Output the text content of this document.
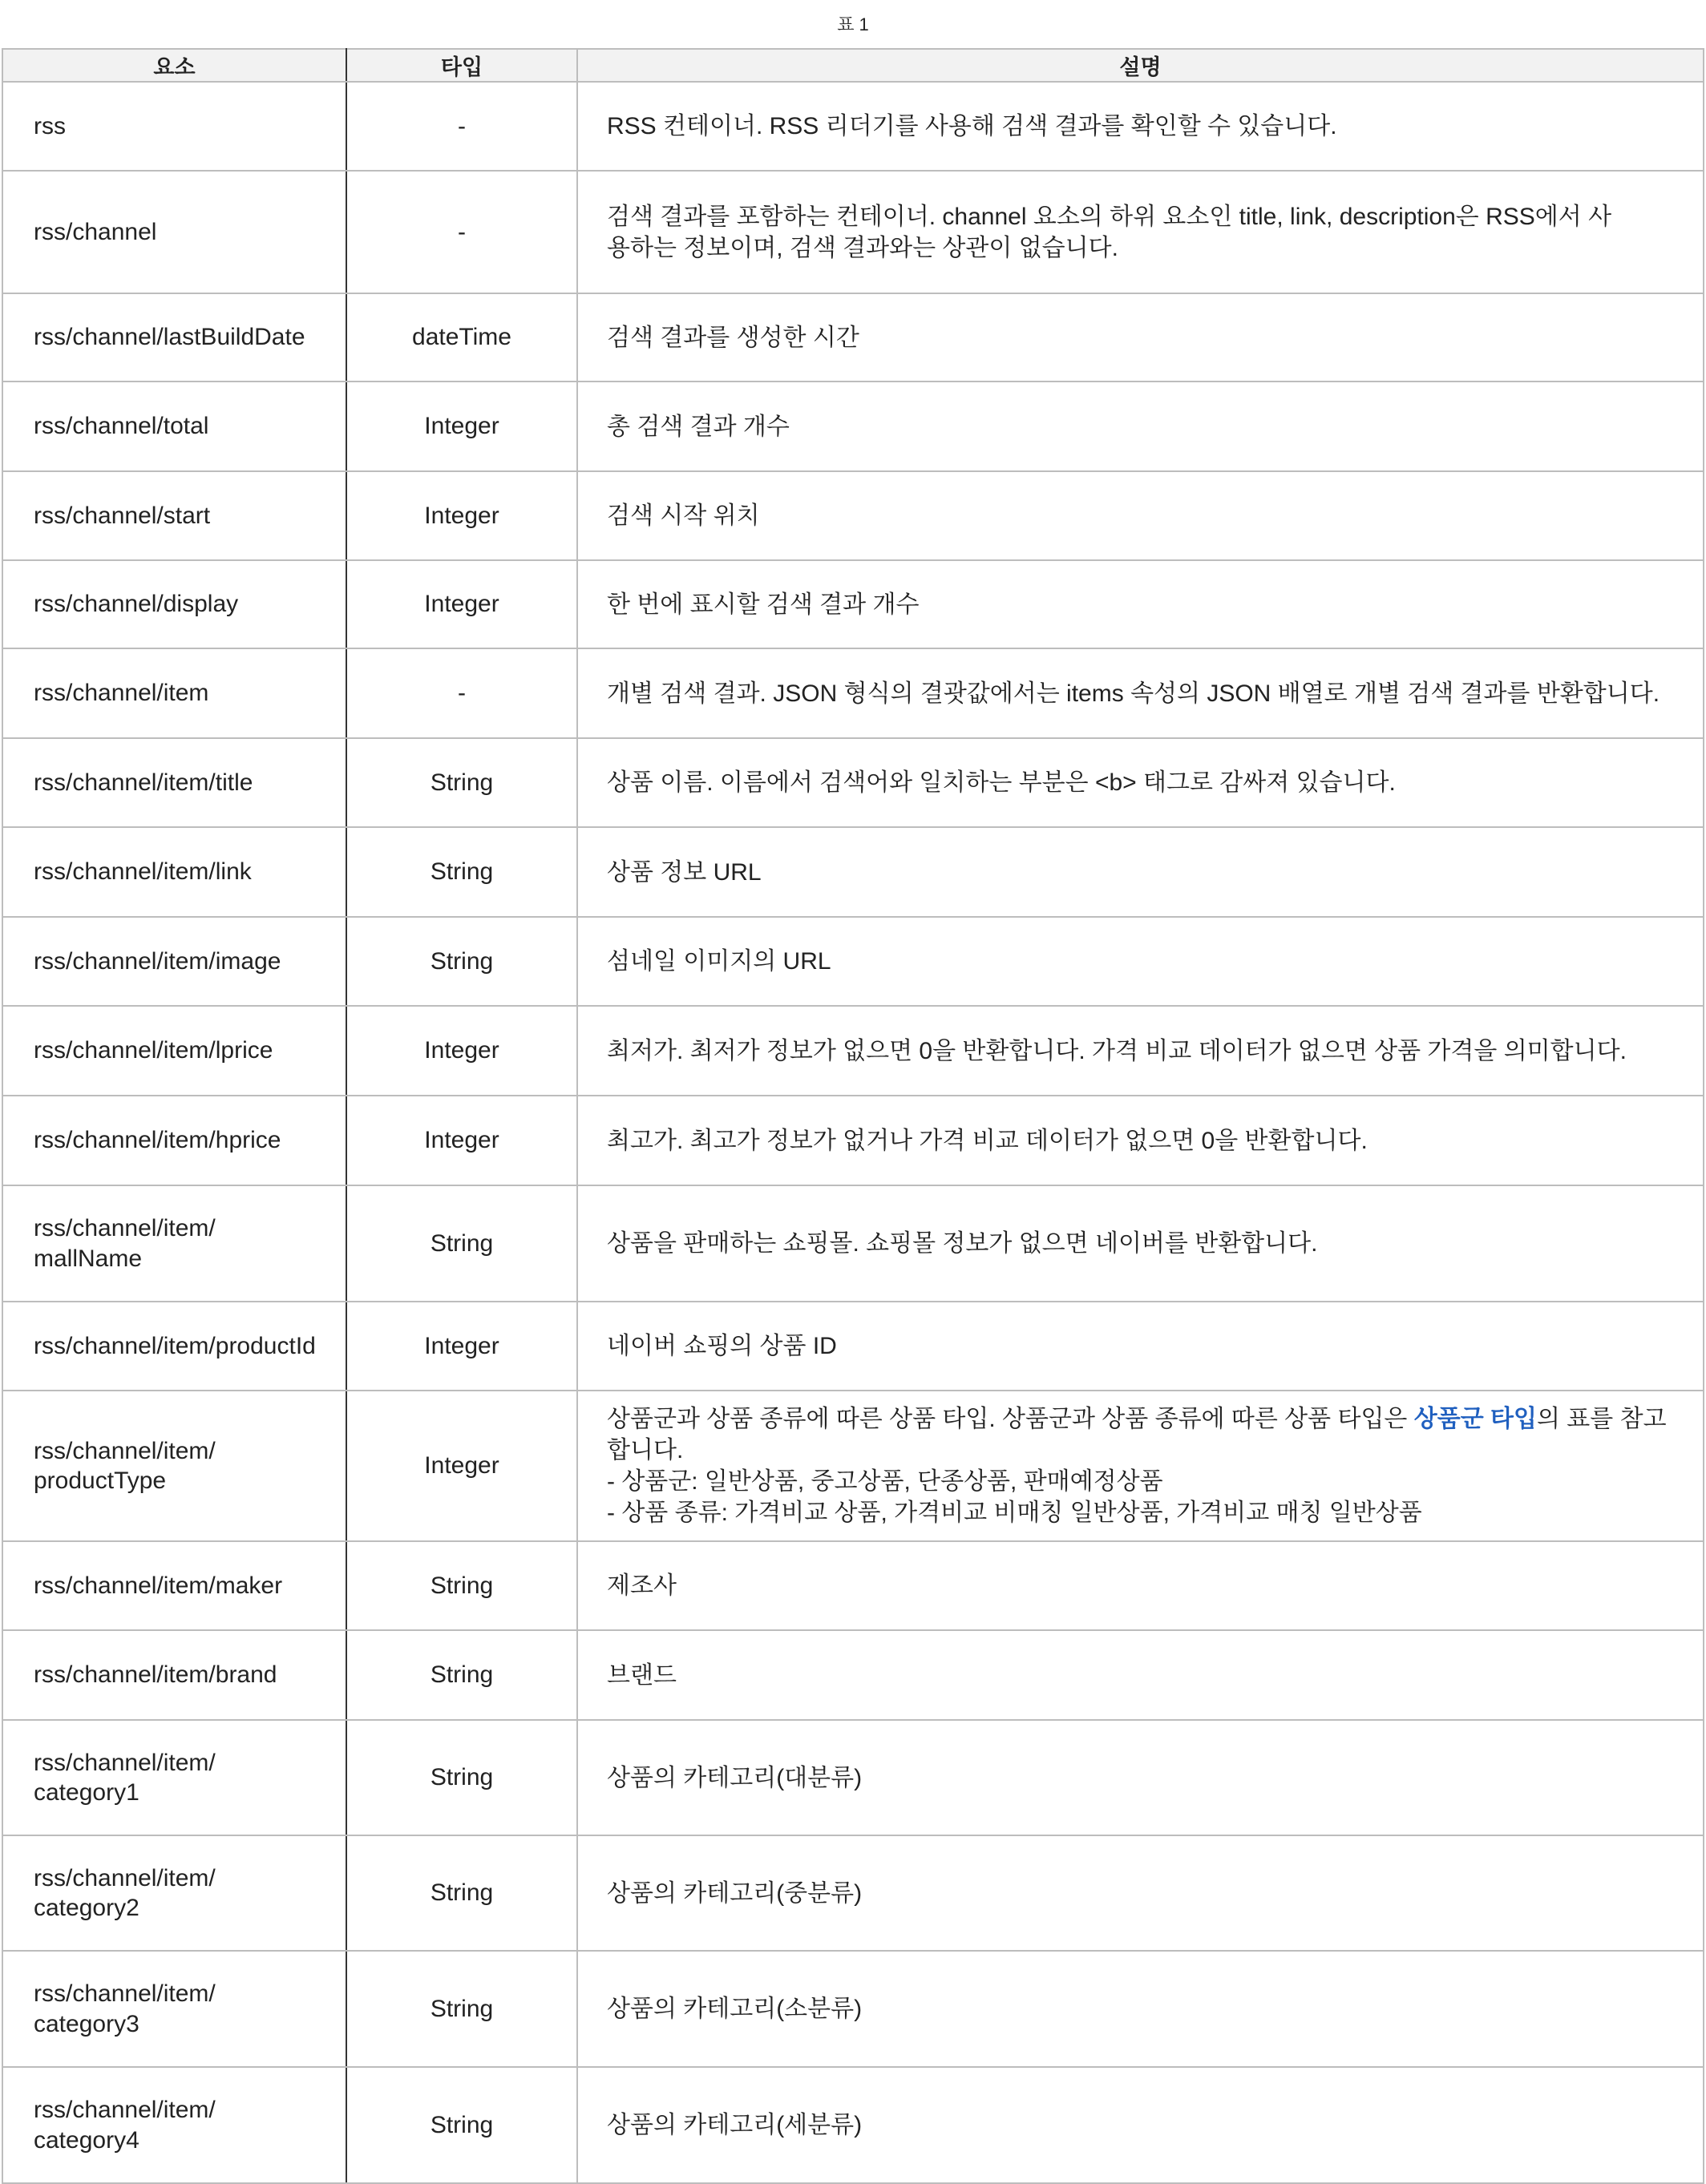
표 1
요소	타입	설명

rss	-	RSS 컨테이너. RSS 리더기를 사용해 검색 결과를 확인할 수 있습니다.

rss/channel	-	검색 결과를 포함하는 컨테이너. channel 요소의 하위 요소인 title, link, description은 RSS에서 사
용하는 정보이며, 검색 결과와는 상관이 없습니다.

rss/channel/lastBuildDate	dateTime	검색 결과를 생성한 시간

rss/channel/total	Integer	총 검색 결과 개수

rss/channel/start	Integer	검색 시작 위치

rss/channel/display	Integer	한 번에 표시할 검색 결과 개수

rss/channel/item	-	개별 검색 결과. JSON 형식의 결괏값에서는 items 속성의 JSON 배열로 개별 검색 결과를 반환합니다.

rss/channel/item/title	String	상품 이름. 이름에서 검색어와 일치하는 부분은 <b> 태그로 감싸져 있습니다.

rss/channel/item/link	String	상품 정보 URL

rss/channel/item/image	String	섬네일 이미지의 URL

rss/channel/item/lprice	Integer	최저가. 최저가 정보가 없으면 0을 반환합니다. 가격 비교 데이터가 없으면 상품 가격을 의미합니다.

rss/channel/item/hprice	Integer	최고가. 최고가 정보가 없거나 가격 비교 데이터가 없으면 0을 반환합니다.

rss/channel/item/
mallName	String	상품을 판매하는 쇼핑몰. 쇼핑몰 정보가 없으면 네이버를 반환합니다.

rss/channel/item/productId	Integer	네이버 쇼핑의 상품 ID

rss/channel/item/
productType	Integer	상품군과 상품 종류에 따른 상품 타입. 상품군과 상품 종류에 따른 상품 타입은 상품군 타입의 표를 참고합니다.
- 상품군: 일반상품, 중고상품, 단종상품, 판매예정상품
- 상품 종류: 가격비교 상품, 가격비교 비매칭 일반상품, 가격비교 매칭 일반상품

rss/channel/item/maker	String	제조사

rss/channel/item/brand	String	브랜드

rss/channel/item/
category1	String	상품의 카테고리(대분류)

rss/channel/item/
category2	String	상품의 카테고리(중분류)

rss/channel/item/
category3	String	상품의 카테고리(소분류)

rss/channel/item/
category4	String	상품의 카테고리(세분류)
